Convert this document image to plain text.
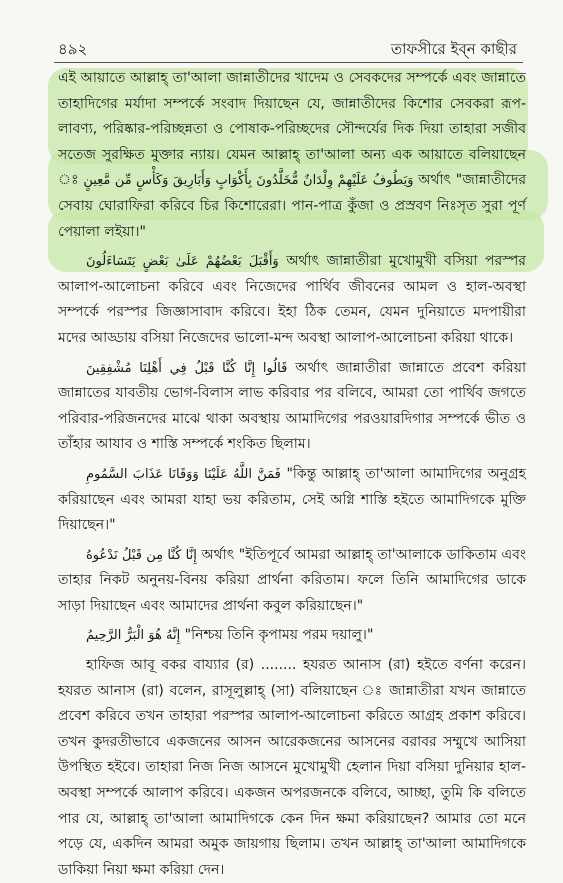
৪৯২	তাফসীরে ইব্‌ন কাছীর

এই আয়াতে আল্লাহ্ তা'আলা জান্নাতীদের খাদেম ও সেবকদের সম্পর্কে এবং জান্নাতে তাহাদিগের মর্যাদা সম্পর্কে সংবাদ দিয়াছেন যে, জান্নাতীদের কিশোর সেবকরা রূপ-লাবণ্য, পরিষ্কার-পরিচ্ছন্নতা ও পোষাক-পরিচ্ছদের সৌন্দর্যের দিক দিয়া তাহারা সজীব সতেজ সুরক্ষিত মুক্তার ন্যায়। যেমন আল্লাহ্ তা'আলা অন্য এক আয়াতে বলিয়াছেন ঃ وَيَطُوفُ عَلَيْهِمْ وِلْدَانٌ مُّخَلَّدُونَ بِأَكْوَابٍ وَأَبَارِيقَ وَكَأْسٍ مِّن مَّعِينٍ অর্থাৎ "জান্নাতীদের সেবায় ঘোরাফিরা করিবে চির কিশোরেরা। পান-পাত্র কুঁজা ও প্রস্রবণ নিঃসৃত সুরা পূর্ণ পেয়ালা লইয়া।"

وَأَقْبَلَ بَعْضُهُمْ عَلَىٰ بَعْضٍ يَتَسَاءَلُونَ অর্থাৎ জান্নাতীরা মুখোমুখী বসিয়া পরস্পর আলাপ-আলোচনা করিবে এবং নিজেদের পার্থিব জীবনের আমল ও হাল-অবস্থা সম্পর্কে পরস্পর জিজ্ঞাসাবাদ করিবে। ইহা ঠিক তেমন, যেমন দুনিয়াতে মদপায়ীরা মদের আড্ডায় বসিয়া নিজেদের ভালো-মন্দ অবস্থা আলাপ-আলোচনা করিয়া থাকে।

قَالُوا إِنَّا كُنَّا قَبْلُ فِي أَهْلِنَا مُشْفِقِينَ অর্থাৎ জান্নাতীরা জান্নাতে প্রবেশ করিয়া জান্নাতের যাবতীয় ভোগ-বিলাস লাভ করিবার পর বলিবে, আমরা তো পার্থিব জগতে পরিবার-পরিজনদের মাঝে থাকা অবস্থায় আমাদিগের পরওয়ারদিগার সম্পর্কে ভীত ও তাঁহার আযাব ও শাস্তি সম্পর্কে শংকিত ছিলাম।

فَمَنَّ اللَّهُ عَلَيْنَا وَوَقَانَا عَذَابَ السَّمُومِ "কিন্তু আল্লাহ্ তা'আলা আমাদিগের অনুগ্রহ করিয়াছেন এবং আমরা যাহা ভয় করিতাম, সেই অগ্নি শাস্তি হইতে আমাদিগকে মুক্তি দিয়াছেন।"

إِنَّا كُنَّا مِن قَبْلُ نَدْعُوهُ অর্থাৎ "ইতিপূর্বে আমরা আল্লাহ্ তা'আলাকে ডাকিতাম এবং তাহার নিকট অনুনয়-বিনয় করিয়া প্রার্থনা করিতাম। ফলে তিনি আমাদিগের ডাকে সাড়া দিয়াছেন এবং আমাদের প্রার্থনা কবুল করিয়াছেন।"

إِنَّهُ هُوَ الْبَرُّ الرَّحِيمُ "নিশ্চয় তিনি কৃপাময় পরম দয়ালু।"

হাফিজ আবূ বকর বায্যার (র) ........ হযরত আনাস (রা) হইতে বর্ণনা করেন। হযরত আনাস (রা) বলেন, রাসূলুল্লাহ্ (সা) বলিয়াছেন ঃ জান্নাতীরা যখন জান্নাতে প্রবেশ করিবে তখন তাহারা পরস্পর আলাপ-আলোচনা করিতে আগ্রহ প্রকাশ করিবে। তখন কুদরতীভাবে একজনের আসন আরেকজনের আসনের বরাবর সম্মুখে আসিয়া উপস্থিত হইবে। তাহারা নিজ নিজ আসনে মুখোমুখী হেলান দিয়া বসিয়া দুনিয়ার হাল-অবস্থা সম্পর্কে আলাপ করিবে। একজন অপরজনকে বলিবে, আচ্ছা, তুমি কি বলিতে পার যে, আল্লাহ্ তা'আলা আমাদিগকে কেন দিন ক্ষমা করিয়াছেন? আমার তো মনে পড়ে যে, একদিন আমরা অমুক জায়গায় ছিলাম। তখন আল্লাহ্ তা'আলা আমাদিগকে ডাকিয়া নিয়া ক্ষমা করিয়া দেন।
